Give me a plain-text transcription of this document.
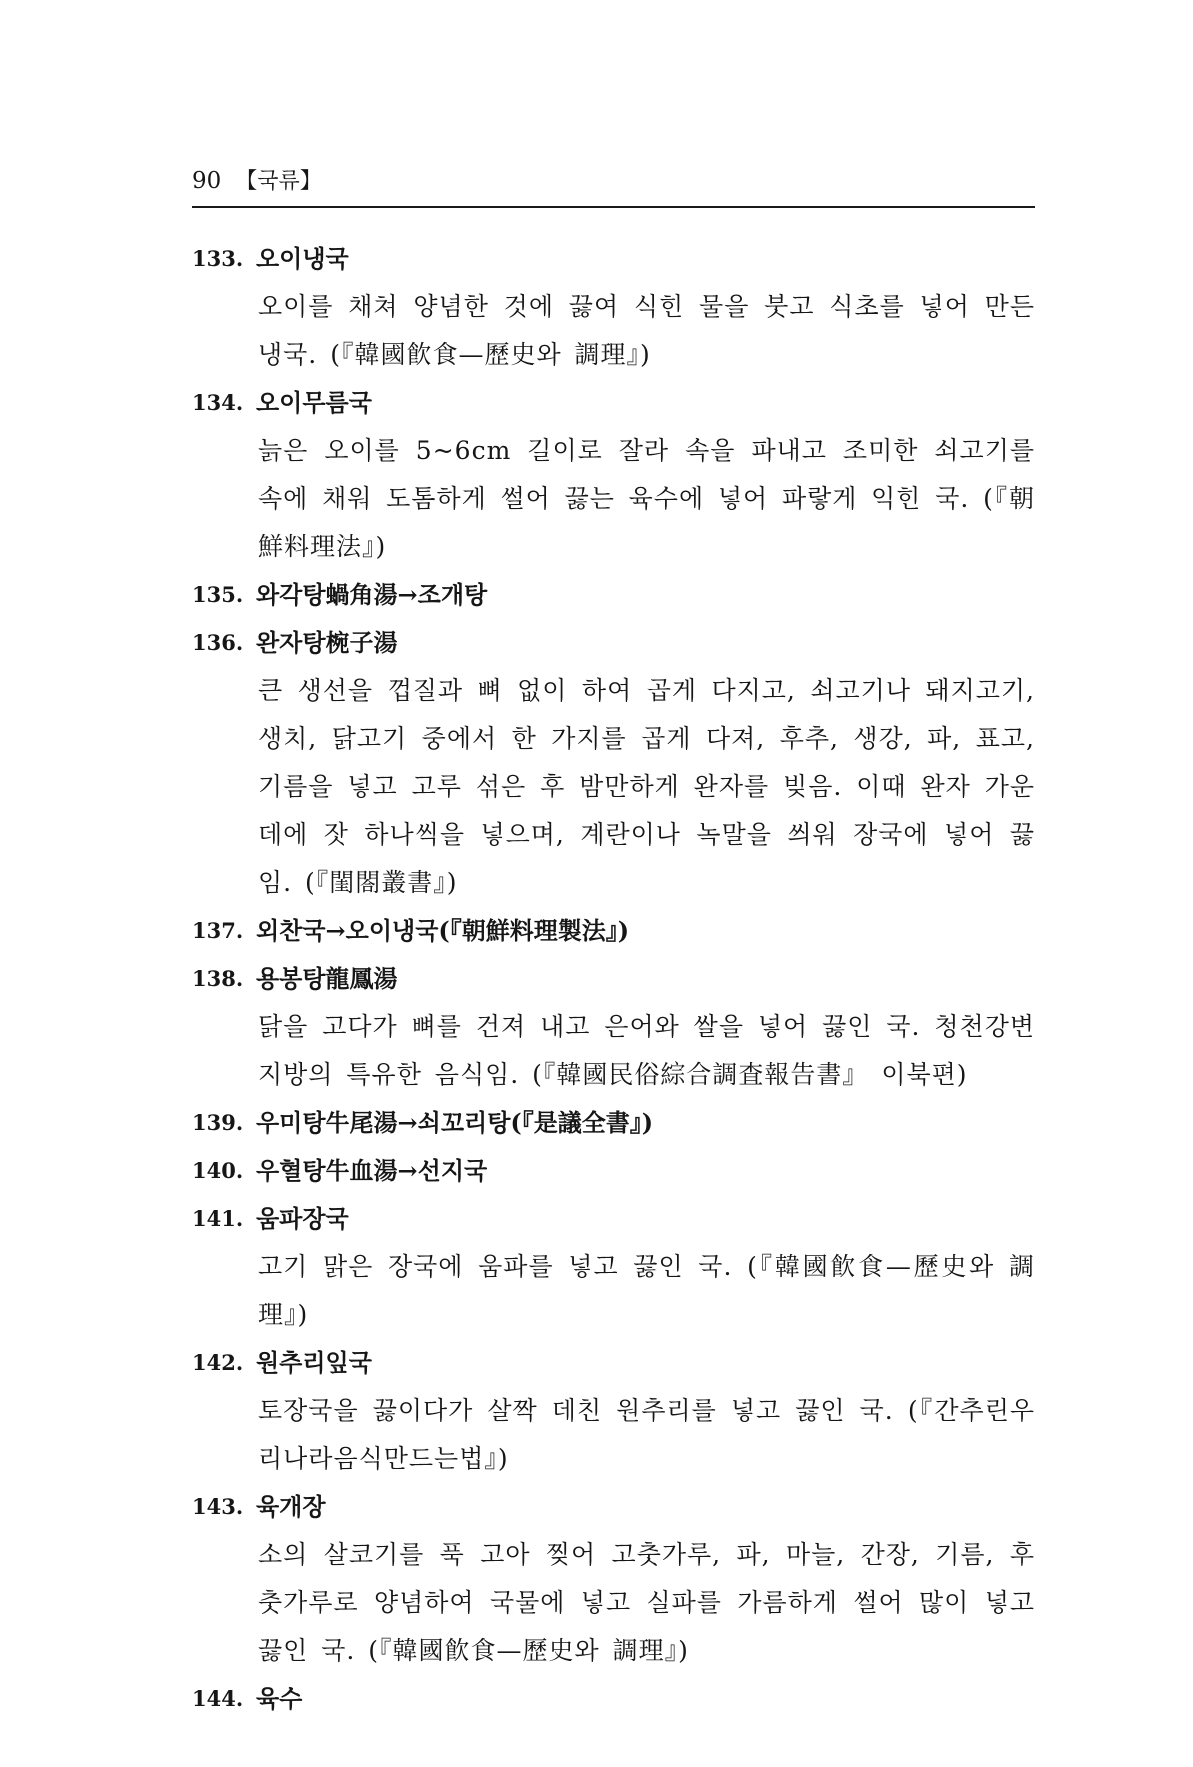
90 【국류】
133. 오이냉국
오이를 채쳐 양념한 것에 끓여 식힌 물을 붓고 식초를 넣어 만든 냉국. (『韓國飮食—歷史와 調理』)
134. 오이무름국
늙은 오이를 5~6cm 길이로 잘라 속을 파내고 조미한 쇠고기를 속에 채워 도톰하게 썰어 끓는 육수에 넣어 파랗게 익힌 국. (『朝鮮料理法』)
135. 와각탕蝸角湯→조개탕
136. 완자탕椀子湯
큰 생선을 껍질과 뼈 없이 하여 곱게 다지고, 쇠고기나 돼지고기, 생치, 닭고기 중에서 한 가지를 곱게 다져, 후추, 생강, 파, 표고, 기름을 넣고 고루 섞은 후 밤만하게 완자를 빚음. 이때 완자 가운데에 잣 하나씩을 넣으며, 계란이나 녹말을 씌워 장국에 넣어 끓임. (『閨閤叢書』)
137. 외찬국→오이냉국(『朝鮮料理製法』)
138. 용봉탕龍鳳湯
닭을 고다가 뼈를 건져 내고 은어와 쌀을 넣어 끓인 국. 청천강변 지방의 특유한 음식임. (『韓國民俗綜合調査報告書』 이북편)
139. 우미탕牛尾湯→쇠꼬리탕(『是議全書』)
140. 우혈탕牛血湯→선지국
141. 움파장국
고기 맑은 장국에 움파를 넣고 끓인 국. (『韓國飮食—歷史와 調理』)
142. 원추리잎국
토장국을 끓이다가 살짝 데친 원추리를 넣고 끓인 국. (『간추린우리나라음식만드는법』)
143. 육개장
소의 살코기를 푹 고아 찢어 고춧가루, 파, 마늘, 간장, 기름, 후춧가루로 양념하여 국물에 넣고 실파를 가름하게 썰어 많이 넣고 끓인 국. (『韓國飮食—歷史와 調理』)
144. 육수
